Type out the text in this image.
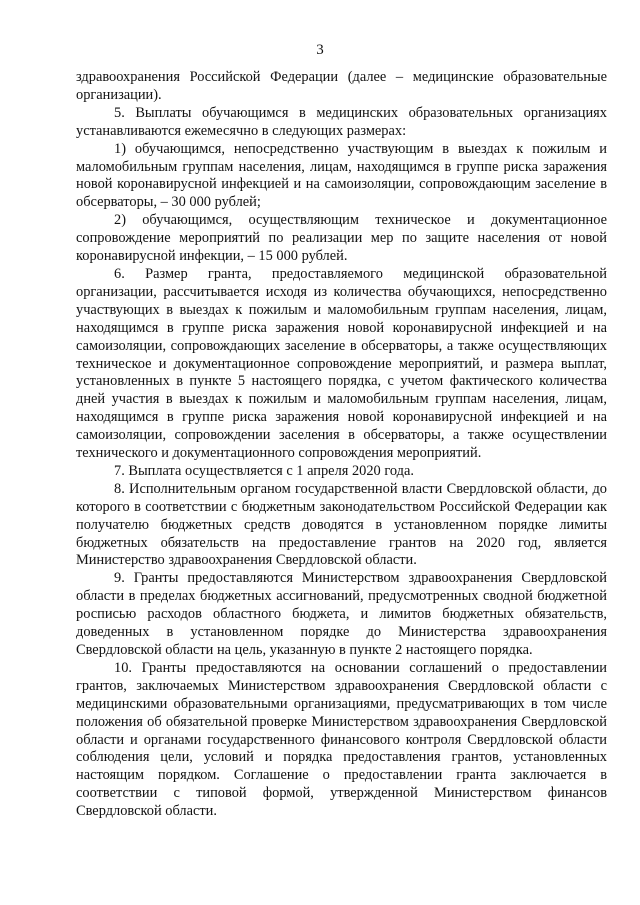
3

здравоохранения Российской Федерации (далее – медицинские образовательные организации).

5. Выплаты обучающимся в медицинских образовательных организациях устанавливаются ежемесячно в следующих размерах:

1) обучающимся, непосредственно участвующим в выездах к пожилым и маломобильным группам населения, лицам, находящимся в группе риска заражения новой коронавирусной инфекцией и на самоизоляции, сопровождающим заселение в обсерваторы, – 30 000 рублей;

2) обучающимся, осуществляющим техническое и документационное сопровождение мероприятий по реализации мер по защите населения от новой коронавирусной инфекции, – 15 000 рублей.

6. Размер гранта, предоставляемого медицинской образовательной организации, рассчитывается исходя из количества обучающихся, непосредственно участвующих в выездах к пожилым и маломобильным группам населения, лицам, находящимся в группе риска заражения новой коронавирусной инфекцией и на самоизоляции, сопровождающих заселение в обсерваторы, а также осуществляющих техническое и документационное сопровождение мероприятий, и размера выплат, установленных в пункте 5 настоящего порядка, с учетом фактического количества дней участия в выездах к пожилым и маломобильным группам населения, лицам, находящимся в группе риска заражения новой коронавирусной инфекцией и на самоизоляции, сопровождении заселения в обсерваторы, а также осуществлении технического и документационного сопровождения мероприятий.

7. Выплата осуществляется с 1 апреля 2020 года.

8. Исполнительным органом государственной власти Свердловской области, до которого в соответствии с бюджетным законодательством Российской Федерации как получателю бюджетных средств доводятся в установленном порядке лимиты бюджетных обязательств на предоставление грантов на 2020 год, является Министерство здравоохранения Свердловской области.

9. Гранты предоставляются Министерством здравоохранения Свердловской области в пределах бюджетных ассигнований, предусмотренных сводной бюджетной росписью расходов областного бюджета, и лимитов бюджетных обязательств, доведенных в установленном порядке до Министерства здравоохранения Свердловской области на цель, указанную в пункте 2 настоящего порядка.

10. Гранты предоставляются на основании соглашений о предоставлении грантов, заключаемых Министерством здравоохранения Свердловской области с медицинскими образовательными организациями, предусматривающих в том числе положения об обязательной проверке Министерством здравоохранения Свердловской области и органами государственного финансового контроля Свердловской области соблюдения цели, условий и порядка предоставления грантов, установленных настоящим порядком. Соглашение о предоставлении гранта заключается в соответствии с типовой формой, утвержденной Министерством финансов Свердловской области.
